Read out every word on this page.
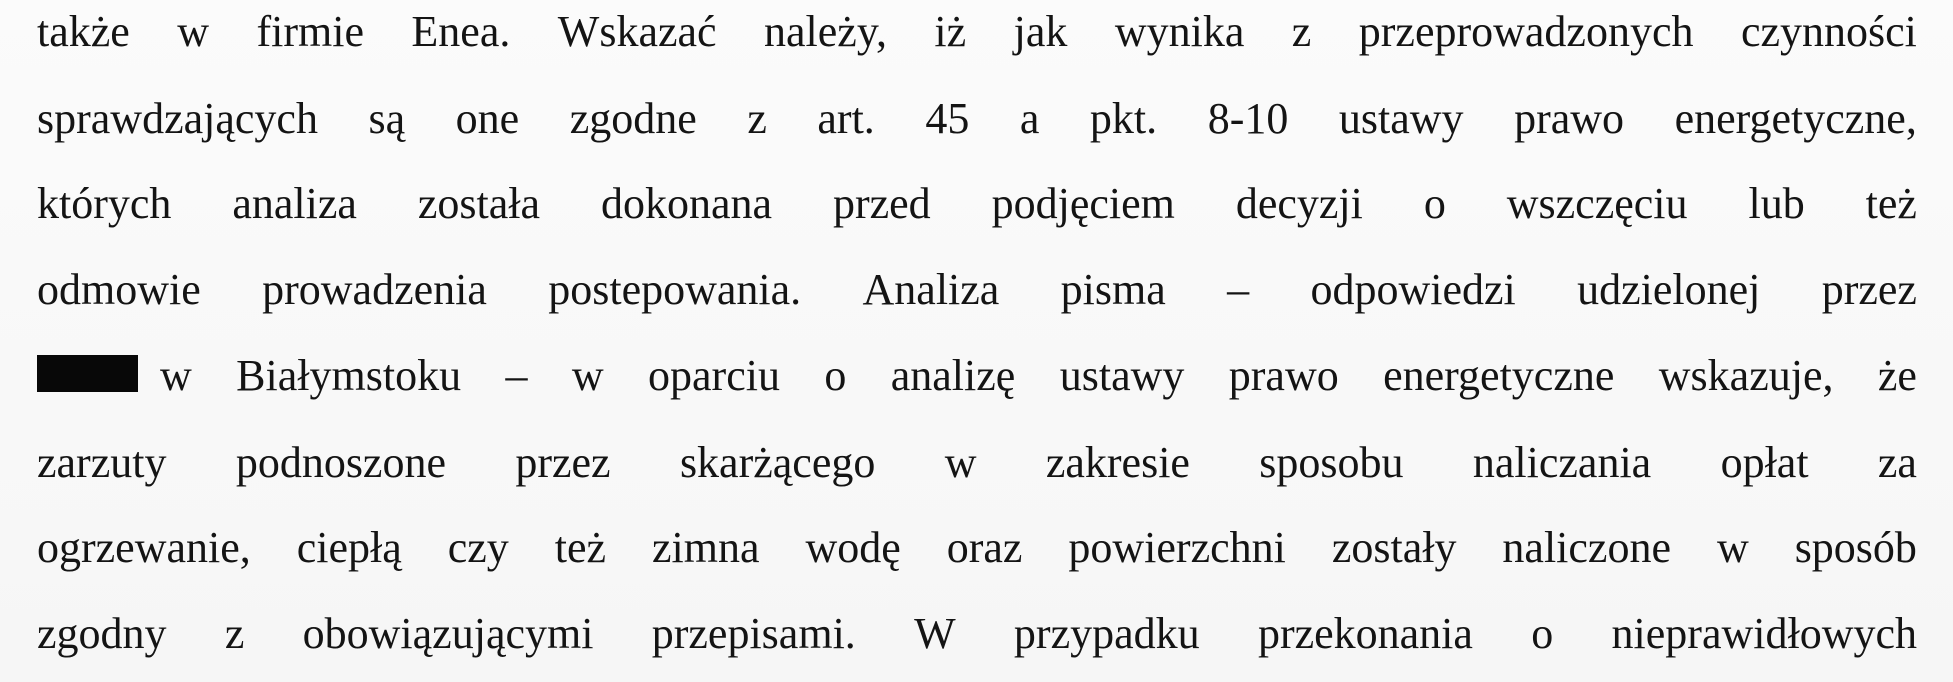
także w firmie Enea. Wskazać należy, iż jak wynika z przeprowadzonych czynności
sprawdzających są one zgodne z art. 45 a pkt. 8-10 ustawy prawo energetyczne,
których analiza została dokonana przed podjęciem decyzji o wszczęciu lub też
odmowie prowadzenia postepowania. Analiza pisma – odpowiedzi udzielonej przez
w Białymstoku – w oparciu o analizę ustawy prawo energetyczne wskazuje, że
zarzuty podnoszone przez skarżącego w zakresie sposobu naliczania opłat za
ogrzewanie, ciepłą czy też zimna wodę oraz powierzchni zostały naliczone w sposób
zgodny z obowiązującymi przepisami. W przypadku przekonania o nieprawidłowych
